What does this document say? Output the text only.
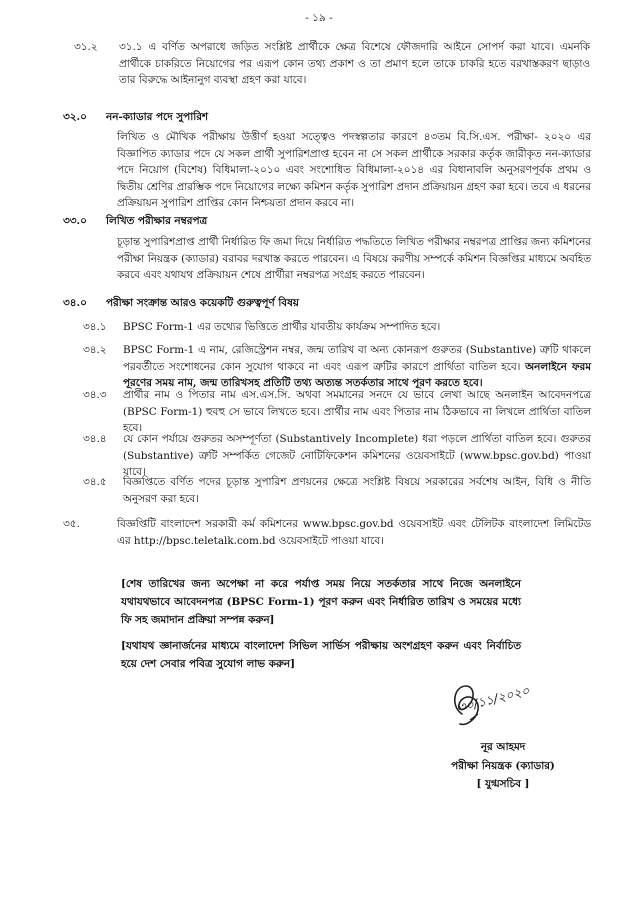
- ১৯ -
৩১.২ ৩১.১ এ বর্ণিত অপরাধে জড়িত সংশ্লিষ্ট প্রার্থীকে ক্ষেত্র বিশেষে ফৌজদারি আইনে সোপর্দ করা যাবে। এমনকি প্রার্থীকে চাকরিতে নিয়োগের পর এরূপ কোন তথ্য প্রকাশ ও তা প্রমাণ হলে তাকে চাকরি হতে বরখাস্তকরণ ছাড়াও তার বিরুদ্ধে আইনানুগ ব্যবস্থা গ্রহণ করা যাবে।
৩২.০ নন-ক্যাডার পদে সুপারিশ
লিখিত ও মৌখিক পরীক্ষায় উত্তীর্ণ হওয়া সত্ত্বেও পদস্বল্পতার কারণে ৪৩তম বি.সি.এস. পরীক্ষা- ২০২০ এর বিজ্ঞাপিত ক্যাডার পদে যে সকল প্রার্থী সুপারিশপ্রাপ্ত হবেন না সে সকল প্রার্থীকে সরকার কর্তৃক জারীকৃত নন-ক্যাডার পদে নিয়োগ (বিশেষ) বিধিমালা-২০১০ এবং সংশোধিত বিধিমালা-২০১৪ এর বিধানাবলি অনুসরণপূর্বক প্রথম ও দ্বিতীয় শ্রেণির প্রারম্ভিক পদে নিয়োগের লক্ষ্যে কমিশন কর্তৃক সুপারিশ প্রদান প্রক্রিয়ায়ন গ্রহণ করা হবে। তবে এ ধরনের প্রক্রিয়ায়ন সুপারিশ প্রাপ্তির কোন নিশ্চয়তা প্রদান করবে না।
৩৩.০ লিখিত পরীক্ষার নম্বরপত্র
চূড়ান্ত সুপারিশপ্রাপ্ত প্রার্থী নির্ধারিত ফি জমা দিয়ে নির্ধারিত পদ্ধতিতে লিখিত পরীক্ষার নম্বরপত্র প্রাপ্তির জন্য কমিশনের পরীক্ষা নিয়ন্ত্রক (ক্যাডার) বরাবর দরখাস্ত করতে পারবেন। এ বিষয়ে করণীয় সম্পর্কে কমিশন বিজ্ঞপ্তির মাধ্যমে অবহিত করবে এবং যথাযথ প্রক্রিয়ায়ন শেষে প্রার্থীরা নম্বরপত্র সংগ্রহ করতে পারবেন।
৩৪.০ পরীক্ষা সংক্রান্ত আরও কয়েকটি গুরুত্বপূর্ণ বিষয়
৩৪.১ BPSC Form-1 এর তথ্যের ভিত্তিতে প্রার্থীর যাবতীয় কার্যক্রম সম্পাদিত হবে।
৩৪.২ BPSC Form-1 এ নাম, রেজিস্ট্রেশন নম্বর, জন্ম তারিখ বা অন্য কোনরূপ গুরুতর (Substantive) ত্রুটি থাকলে পরবর্তীতে সংশোধনের কোন সুযোগ থাকবে না এবং এরূপ ত্রুটির কারণে প্রার্থিতা বাতিল হবে। অনলাইনে ফরম পূরণের সময় নাম, জন্ম তারিখসহ প্রতিটি তথ্য অত্যন্ত সতর্কতার সাথে পূরণ করতে হবে।
৩৪.৩ প্রার্থীর নাম ও পিতার নাম এস.এস.সি. অথবা সমমানের সনদে যে ভাবে লেখা আছে অনলাইন আবেদনপত্রে (BPSC Form-1) হুবহু সে ভাবে লিখতে হবে। প্রার্থীর নাম এবং পিতার নাম ঠিকভাবে না লিখলে প্রার্থিতা বাতিল হবে।
৩৪.৪ যে কোন পর্যায়ে গুরুতর অসম্পূর্ণতা (Substantively Incomplete) ধরা পড়লে প্রার্থিতা বাতিল হবে। গুরুতর (Substantive) ত্রুটি সম্পর্কিত গেজেট নোটিফিকেশন কমিশনের ওয়েবসাইটে (www.bpsc.gov.bd) পাওয়া যাবে।
৩৪.৫ বিজ্ঞপ্তিতে বর্ণিত পদের চূড়ান্ত সুপারিশ প্রণয়নের ক্ষেত্রে সংশ্লিষ্ট বিষয়ে সরকারের সর্বশেষ আইন, বিধি ও নীতি অনুসরণ করা হবে।
৩৫.	বিজ্ঞপ্তিটি বাংলাদেশ সরকারী কর্ম কমিশনের www.bpsc.gov.bd ওয়েবসাইট এবং টেলিটক বাংলাদেশ লিমিটেড এর http://bpsc.teletalk.com.bd ওয়েবসাইটে পাওয়া যাবে।
[শেষ তারিখের জন্য অপেক্ষা না করে পর্যাপ্ত সময় নিয়ে সতর্কতার সাথে নিজে অনলাইনে যথাযথভাবে আবেদনপত্র (BPSC Form-1) পূরণ করুন এবং নির্ধারিত তারিখ ও সময়ের মধ্যে ফি সহ জমাদান প্রক্রিয়া সম্পন্ন করুন]
[যথাযথ জ্ঞানার্জনের মাধ্যমে বাংলাদেশ সিভিল সার্ভিস পরীক্ষায় অংশগ্রহণ করুন এবং নির্বাচিত হয়ে দেশ সেবার পবিত্র সুযোগ লাভ করুন]
৩০/১১/২০২০
নূর আহমদ
পরীক্ষা নিয়ন্ত্রক (ক্যাডার)
[ যুগ্মসচিব ]
